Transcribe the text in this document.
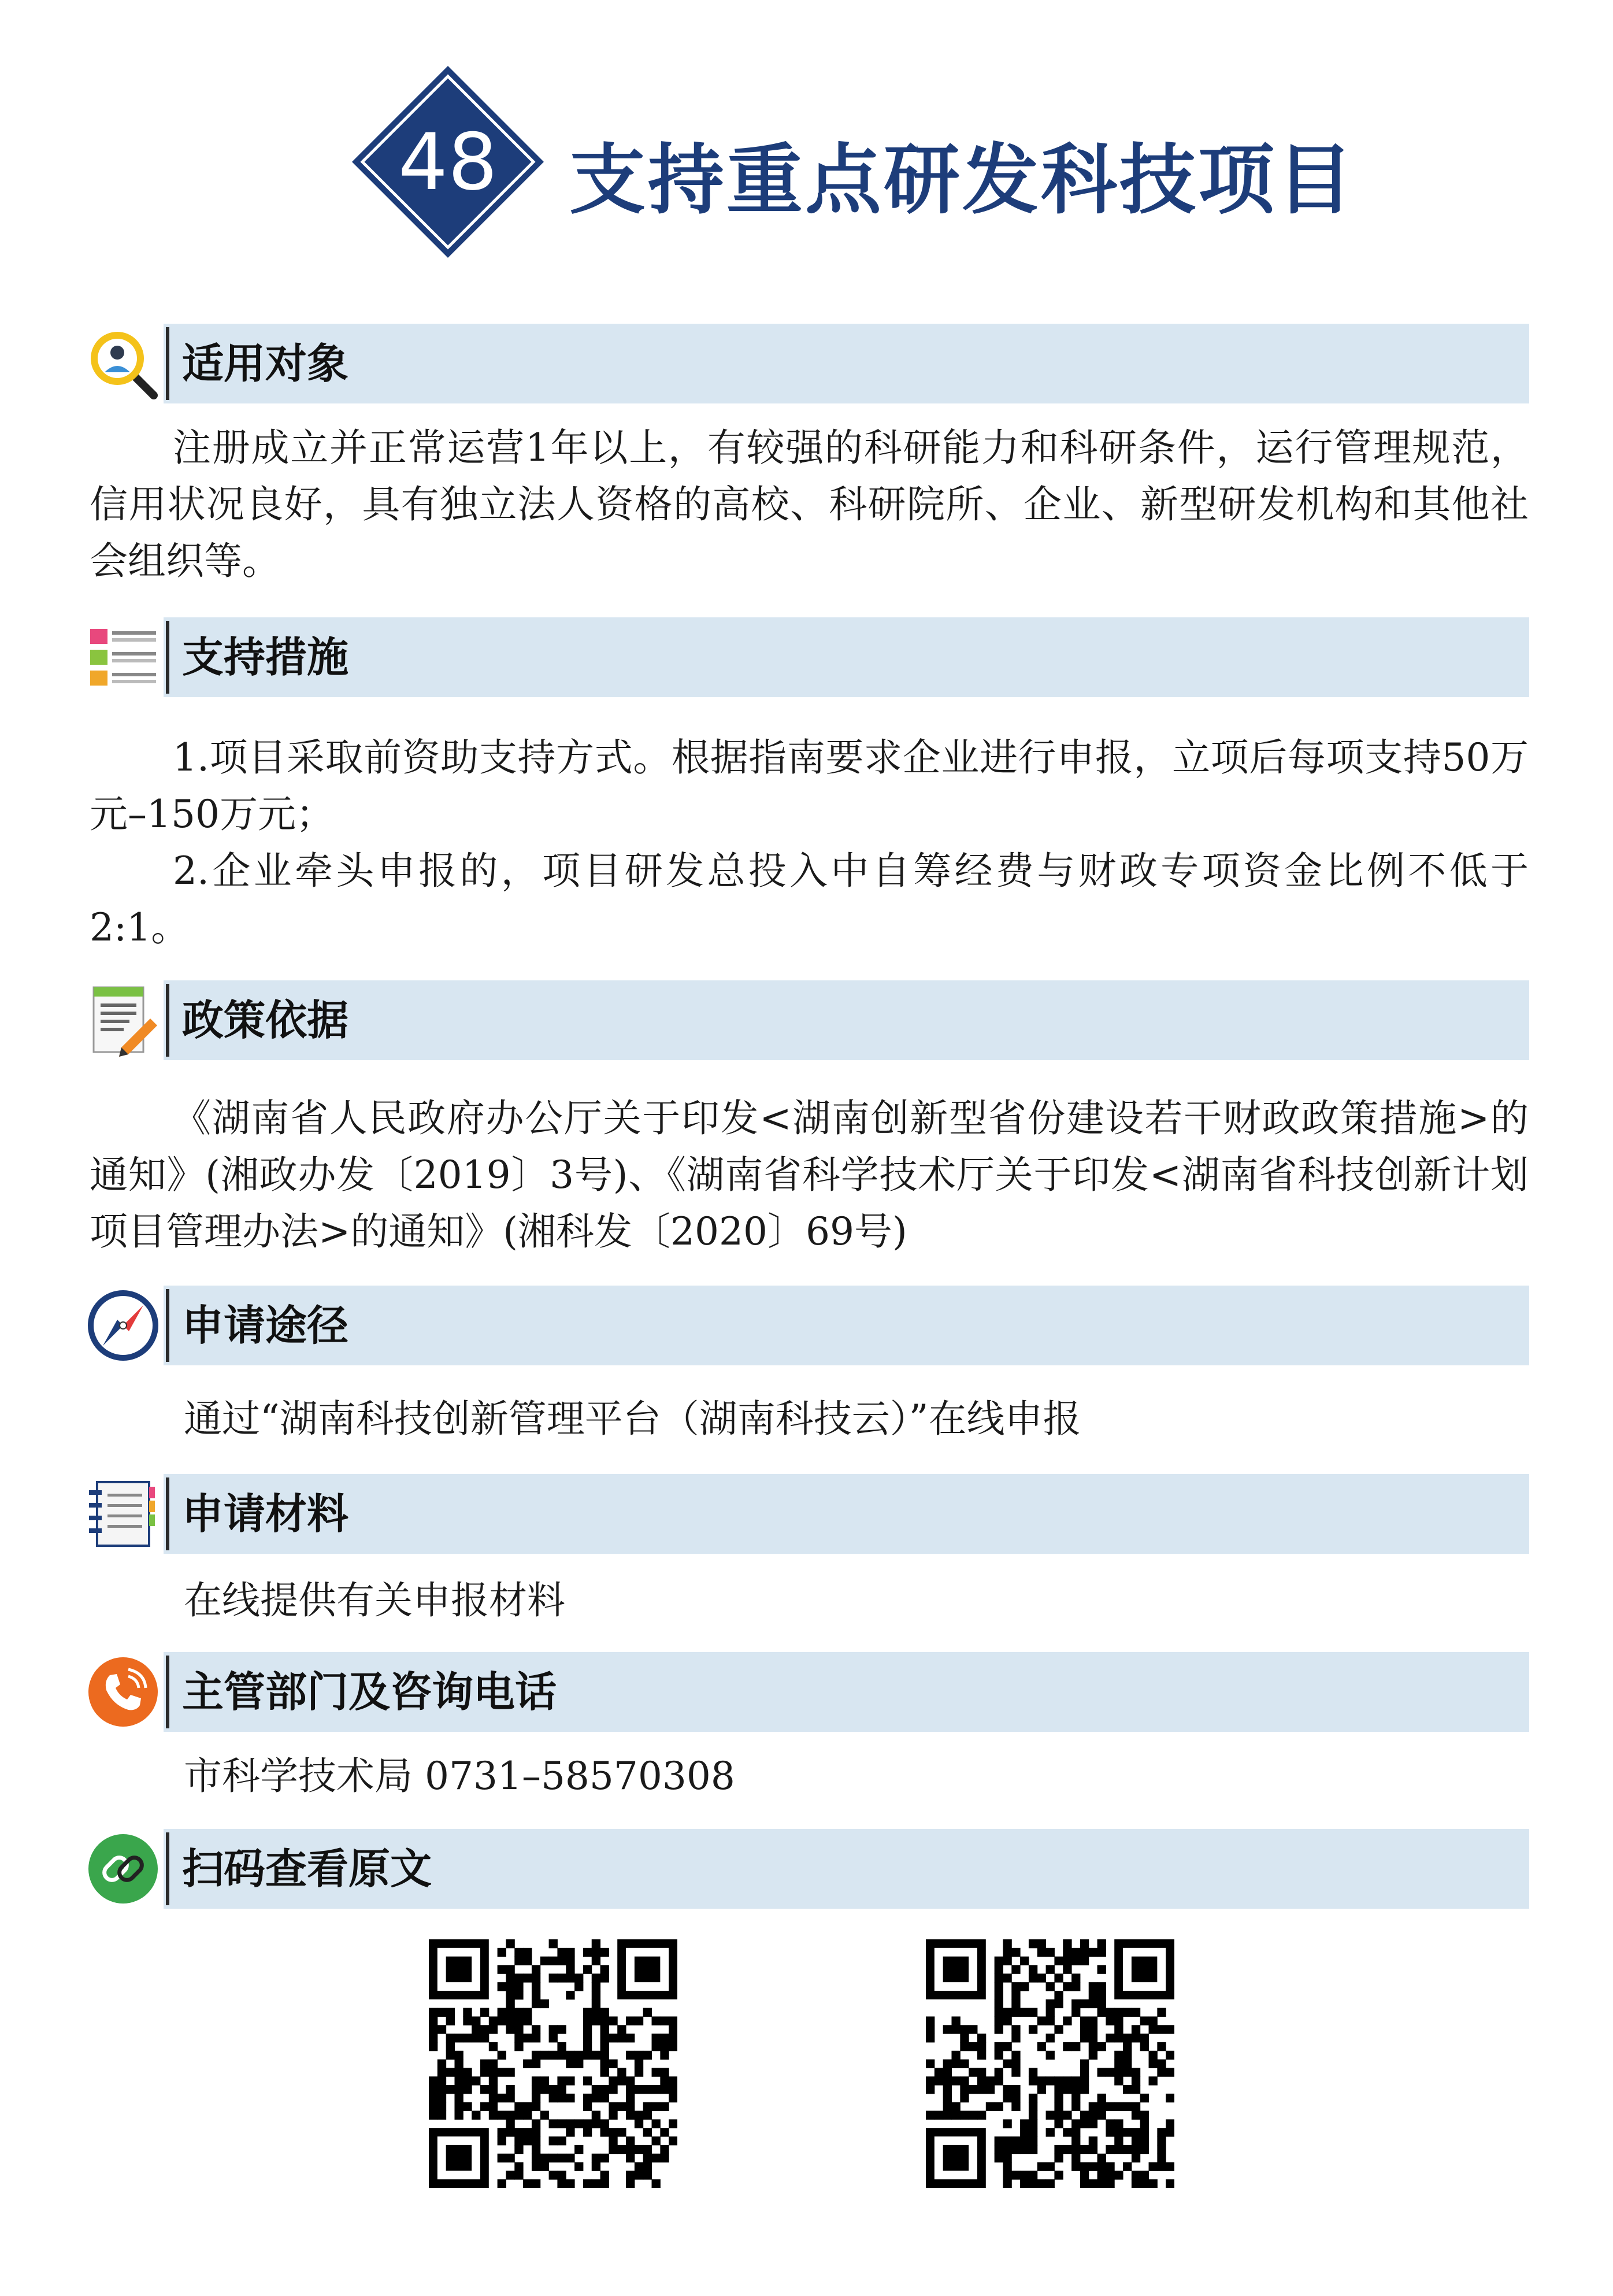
48 支持重点研发科技项目
适用对象

注册成立并正常运营1年以上，有较强的科研能力和科研条件，运行管理规范，信用状况良好，具有独立法人资格的高校、科研院所、企业、新型研发机构和其他社会组织等。

支持措施

1.项目采取前资助支持方式。根据指南要求企业进行申报，立项后每项支持50万元–150万元；

2.企业牵头申报的，项目研发总投入中自筹经费与财政专项资金比例不低于2:1。

政策依据

《湖南省人民政府办公厅关于印发<湖南创新型省份建设若干财政政策措施>的通知》(湘政办发〔2019〕3号)、《湖南省科学技术厅关于印发<湖南省科技创新计划项目管理办法>的通知》(湘科发〔2020〕69号)

申请途径

通过“湖南科技创新管理平台（湖南科技云）”在线申报

申请材料

在线提供有关申报材料

主管部门及咨询电话

市科学技术局 0731–58570308

扫码查看原文
